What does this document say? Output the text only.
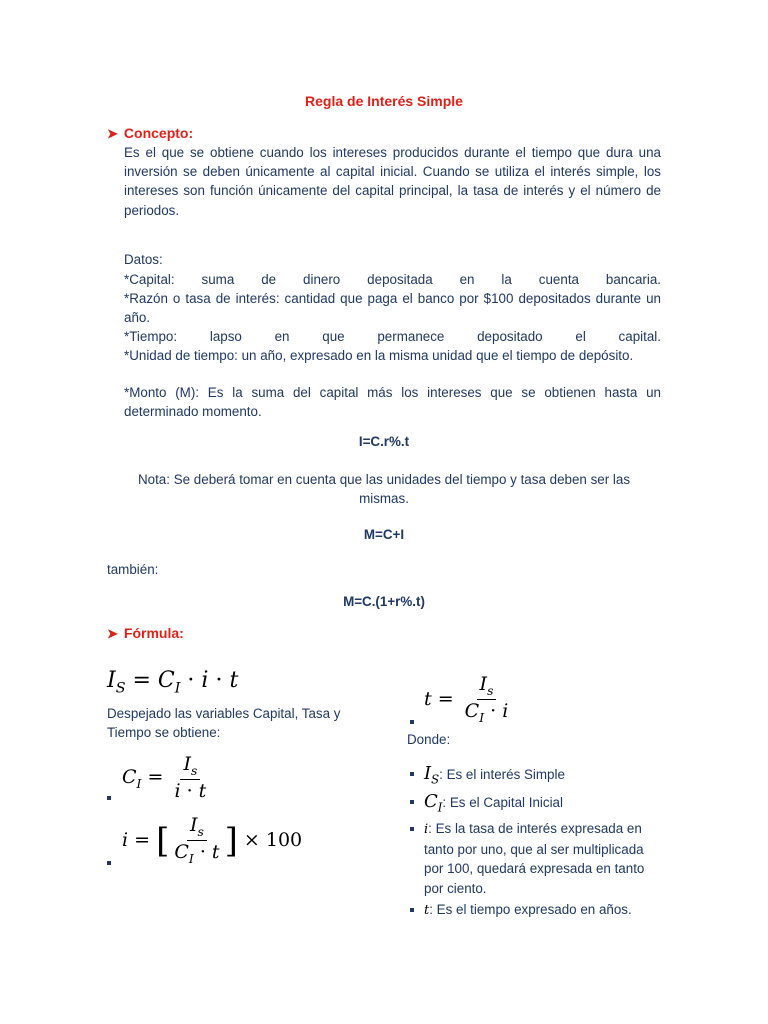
Regla de Interés Simple
➤ Concepto:
Es el que se obtiene cuando los intereses producidos durante el tiempo que dura una inversión se deben únicamente al capital inicial. Cuando se utiliza el interés simple, los intereses son función únicamente del capital principal, la tasa de interés y el número de periodos.
Datos:
*Capital: suma de dinero depositada en la cuenta bancaria.
*Razón o tasa de interés: cantidad que paga el banco por $100 depositados durante un año.
*Tiempo: lapso en que permanece depositado el capital.
*Unidad de tiempo: un año, expresado en la misma unidad que el tiempo de depósito.
*Monto (M): Es la suma del capital más los intereses que se obtienen hasta un determinado momento.
I=C.r%.t
Nota: Se deberá tomar en cuenta que las unidades del tiempo y tasa deben ser las mismas.
M=C+I
también:
M=C.(1+r%.t)
➤ Fórmula:
$I_S = C_I \cdot i \cdot t$
Despejado las variables Capital, Tasa y Tiempo se obtiene:
$C_I = \frac{I_s}{i \cdot t}$
i = [ $\frac{I_s}{C_I \cdot t}$ ] × 100
$t = \frac{I_s}{C_I \cdot i}$
Donde:
$I_S$: Es el interés Simple
$C_I$: Es el Capital Inicial
i: Es la tasa de interés expresada en tanto por uno, que al ser multiplicada por 100, quedará expresada en tanto por ciento.
t: Es el tiempo expresado en años.
